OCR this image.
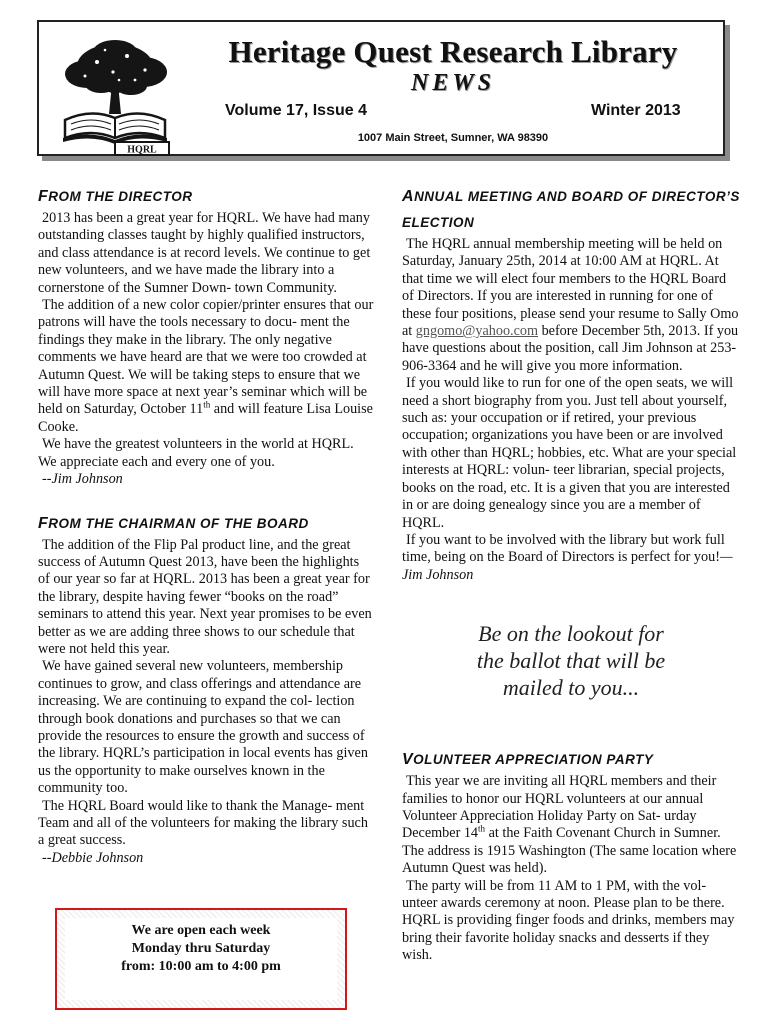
HQRL
Heritage Quest Research Library
NEWS
Volume 17, Issue 4	Winter 2013
1007 Main Street, Sumner, WA 98390
FROM THE DIRECTOR

2013 has been a great year for HQRL. We have had many outstanding classes taught by highly qualified instructors, and class attendance is at record levels. We continue to get new volunteers, and we have made the library into a cornerstone of the Sumner Down- town Community.

The addition of a new color copier/printer ensures that our patrons will have the tools necessary to docu- ment the findings they make in the library. The only negative comments we have heard are that we were too crowded at Autumn Quest. We will be taking steps to ensure that we will have more space at next year’s seminar which will be held on Saturday, October 11th and will feature Lisa Louise Cooke.

We have the greatest volunteers in the world at HQRL. We appreciate each and every one of you.

--Jim Johnson

FROM THE CHAIRMAN OF THE BOARD

The addition of the Flip Pal product line, and the great success of Autumn Quest 2013, have been the highlights of our year so far at HQRL. 2013 has been a great year for the library, despite having fewer “books on the road” seminars to attend this year. Next year promises to be even better as we are adding three shows to our schedule that were not held this year.

We have gained several new volunteers, membership continues to grow, and class offerings and attendance are increasing. We are continuing to expand the col- lection through book donations and purchases so that we can provide the resources to ensure the growth and success of the library. HQRL’s participation in local events has given us the opportunity to make ourselves known in the community too.

The HQRL Board would like to thank the Manage- ment Team and all of the volunteers for making the library such a great success.

--Debbie Johnson

We are open each week
Monday thru Saturday
from: 10:00 am to 4:00 pm
ANNUAL MEETING AND BOARD OF DIRECTOR’S ELECTION

The HQRL annual membership meeting will be held on Saturday, January 25th, 2014 at 10:00 AM at HQRL. At that time we will elect four members to the HQRL Board of Directors. If you are interested in running for one of these four positions, please send your resume to Sally Omo at gngomo@yahoo.com before December 5th, 2013. If you have questions about the position, call Jim Johnson at 253-906-3364 and he will give you more information.

If you would like to run for one of the open seats, we will need a short biography from you. Just tell about yourself, such as: your occupation or if retired, your previous occupation; organizations you have been or are involved with other than HQRL; hobbies, etc. What are your special interests at HQRL: volun- teer librarian, special projects, books on the road, etc. It is a given that you are interested in or are doing genealogy since you are a member of HQRL.

If you want to be involved with the library but work full time, being on the Board of Directors is perfect for you!—Jim Johnson

Be on the lookout for
the ballot that will be
mailed to you...
VOLUNTEER APPRECIATION PARTY

This year we are inviting all HQRL members and their families to honor our HQRL volunteers at our annual Volunteer Appreciation Holiday Party on Sat- urday December 14th at the Faith Covenant Church in Sumner. The address is 1915 Washington (The same location where Autumn Quest was held).

The party will be from 11 AM to 1 PM, with the vol- unteer awards ceremony at noon. Please plan to be there. HQRL is providing finger foods and drinks, members may bring their favorite holiday snacks and desserts if they wish.
